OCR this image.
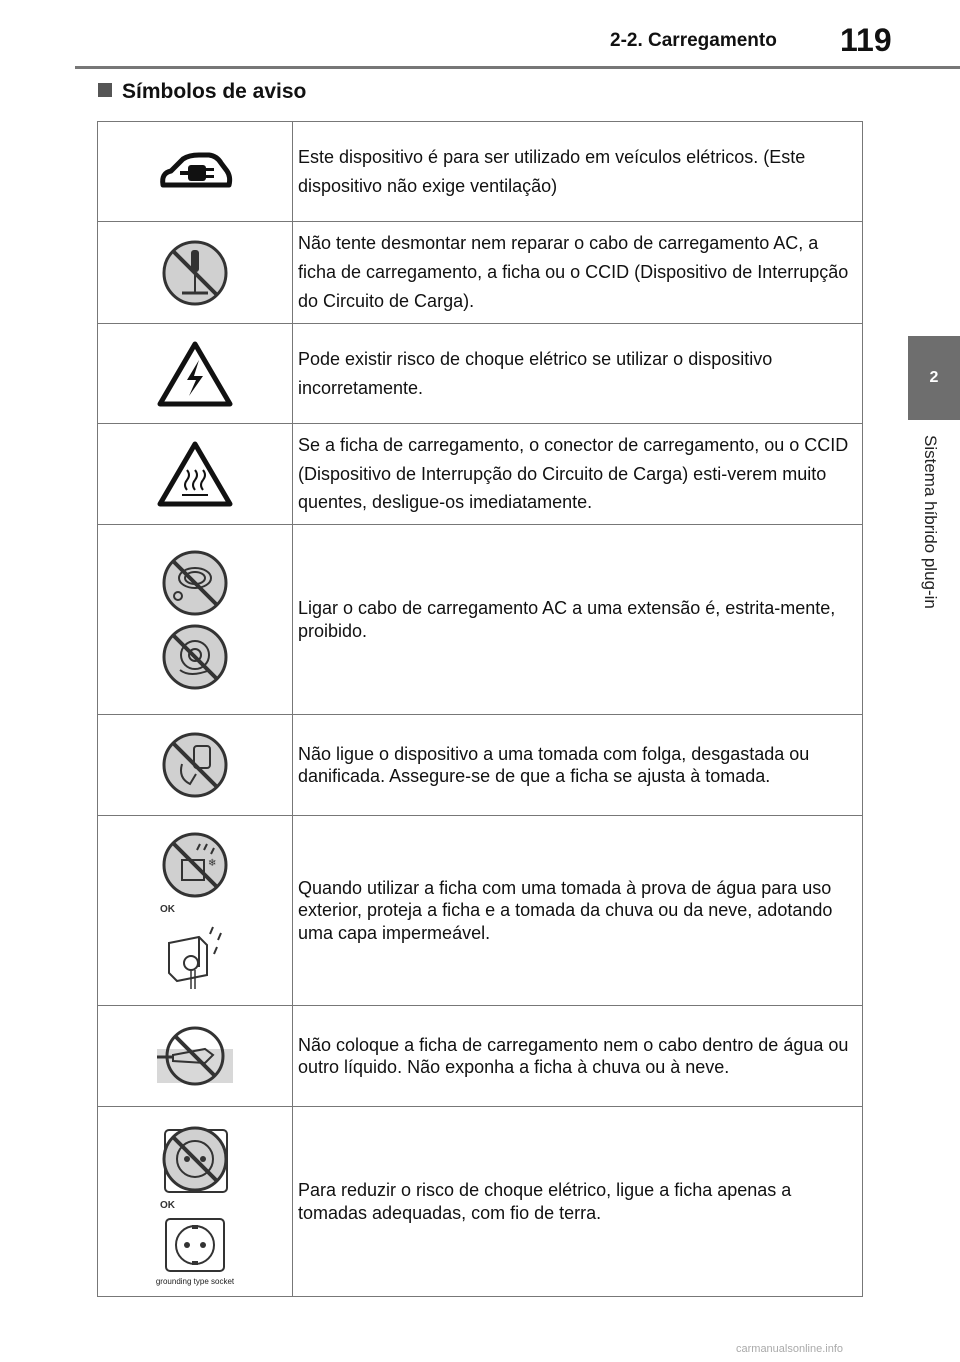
2-2. Carregamento 119
Símbolos de aviso
2
Sistema híbrido plug-in
	Este dispositivo é para ser utilizado em veículos elétricos. (Este dispositivo não exige ventilação)

	Não tente desmontar nem reparar o cabo de carregamento AC, a ficha de carregamento, a ficha ou o CCID (Dispositivo de Interrupção do Circuito de Carga).

	Pode existir risco de choque elétrico se utilizar o dispositivo incorretamente.

	Se a ficha de carregamento, o conector de carregamento, ou o CCID (Dispositivo de Interrupção do Circuito de Carga) esti-verem muito quentes, desligue-os imediatamente.

	Ligar o cabo de carregamento AC a uma extensão é, estrita-mente, proibido.

	Não ligue o dispositivo a uma tomada com folga, desgastada ou danificada. Assegure-se de que a ficha se ajusta à tomada.

❄
OK	Quando utilizar a ficha com uma tomada à prova de água para uso exterior, proteja a ficha e a tomada da chuva ou da neve, adotando uma capa impermeável.

	Não coloque a ficha de carregamento nem o cabo dentro de água ou outro líquido. Não exponha a ficha à chuva ou à neve.

OK
grounding type socket	Para reduzir o risco de choque elétrico, ligue a ficha apenas a tomadas adequadas, com fio de terra.
carmanualsonline.info
